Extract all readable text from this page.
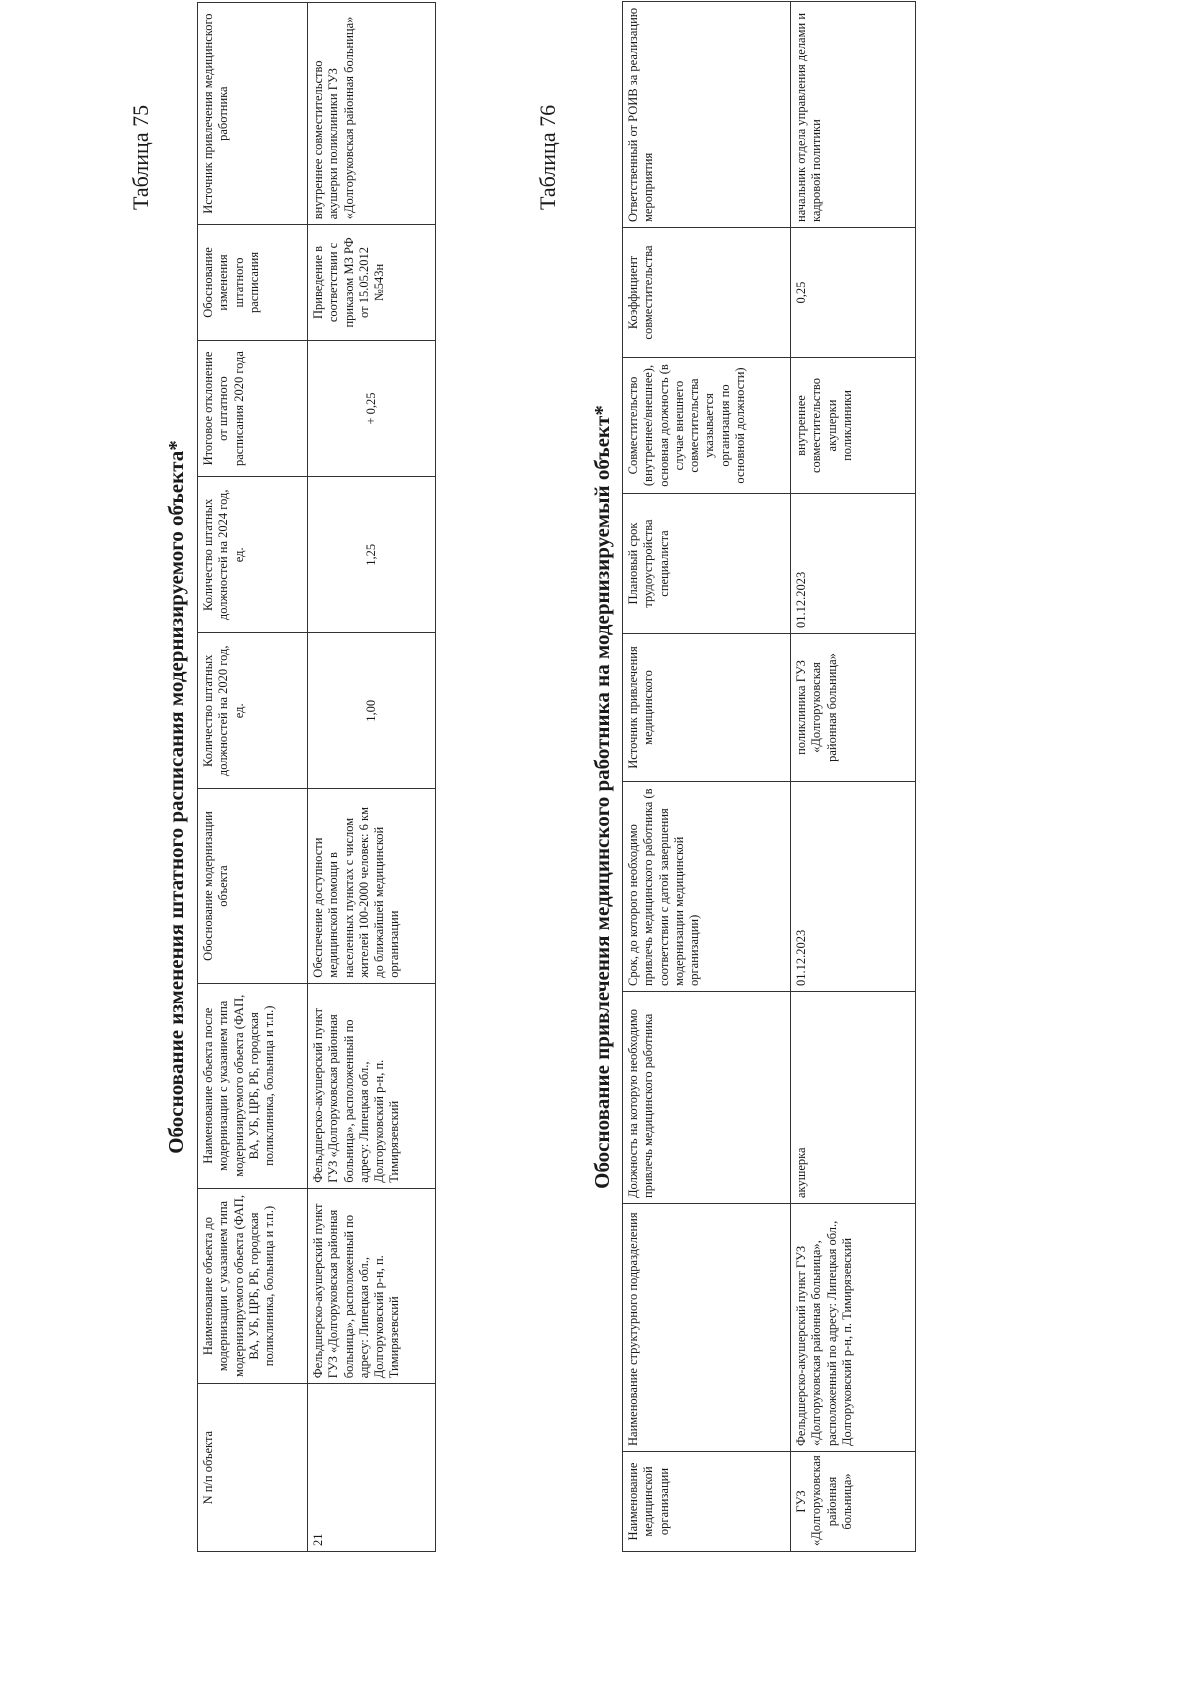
Таблица 75
Обоснование изменения штатного расписания модернизируемого объекта*
N п/п объекта	Наименование объекта до модернизации с указанием типа модернизируемого объекта (ФАП, ВА, УБ, ЦРБ, РБ, городская поликлиника, больница и т.п.)	Наименование объекта после модернизации с указанием типа модернизируемого объекта (ФАП, ВА, УБ, ЦРБ, РБ, городская поликлиника, больница и т.п.)	Обоснование модернизации объекта	Количество штатных должностей на 2020 год, ед.	Количество штатных должностей на 2024 год, ед.	Итоговое отклонение от штатного расписания 2020 года	Обоснование изменения штатного расписания	Источник привлечения медицинского работника
21	Фельдшерско-акушерский пункт ГУЗ «Долгоруковская районная больница», расположенный по адресу: Липецкая обл., Долгоруковский р-н, п. Тимирязевский	Фельдшерско-акушерский пункт ГУЗ «Долгоруковская районная больница», расположенный по адресу: Липецкая обл., Долгоруковский р-н, п. Тимирязевский	Обеспечение доступности медицинской помощи в населенных пунктах с числом жителей 100-2000 человек: 6 км до ближайшей медицинской организации	1,00	1,25	+ 0,25	Приведение в соответствии с приказом МЗ РФ от 15.05.2012 №543н	внутреннее совместительство акушерки поликлиники ГУЗ «Долгоруковская районная больница»	Таблица 76
Обоснование привлечения медицинского работника на модернизируемый объект*
Наименование медицинской организации	Наименование структурного подразделения	Должность на которую необходимо привлечь медицинского работника	Срок, до которого необходимо привлечь медицинского работника (в соответствии с датой завершения модернизации медицинской организации)	Источник привлечения медицинского	Плановый срок трудоустройства специалиста	Совместительство (внутреннее/внешнее), основная должность (в случае внешнего совместительства указывается организация по основной должности)	Коэффициент совместительства	Ответственный от РОИВ за реализацию мероприятия
ГУЗ «Долгоруковская районная больница»	Фельдшерско-акушерский пункт ГУЗ «Долгоруковская районная больница», расположенный по адресу: Липецкая обл., Долгоруковский р-н, п. Тимирязевский	акушерка	01.12.2023	поликлиника ГУЗ «Долгоруковская районная больница»	01.12.2023	внутреннее совместительство акушерки поликлиники	0,25	начальник отдела управления делами и кадровой политики
